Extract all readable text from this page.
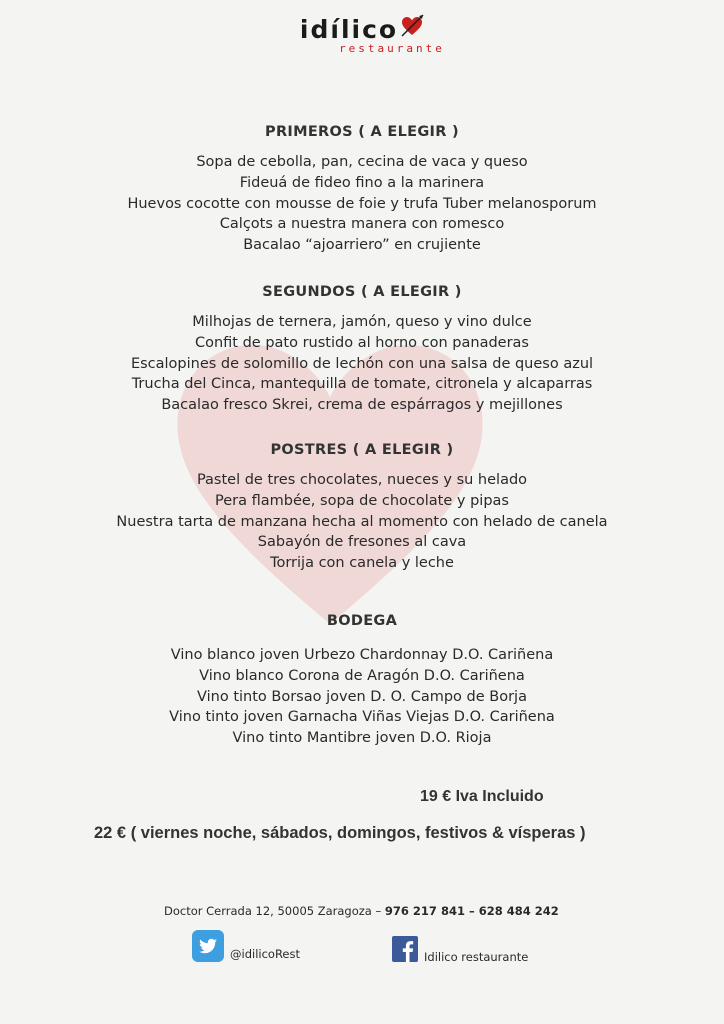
idílico
restaurante
PRIMEROS ( A ELEGIR )
Sopa de cebolla, pan, cecina de vaca y queso
Fideuá de fideo fino a la marinera
Huevos cocotte con mousse de foie y trufa Tuber melanosporum
Calçots a nuestra manera con romesco
Bacalao “ajoarriero” en crujiente
SEGUNDOS ( A ELEGIR )
Milhojas de ternera, jamón, queso y vino dulce
Confit de pato rustido al horno con panaderas
Escalopines de solomillo de lechón con una salsa de queso azul
Trucha del Cinca, mantequilla de tomate, citronela y alcaparras
Bacalao fresco Skrei, crema de espárragos y mejillones
POSTRES ( A ELEGIR )
Pastel de tres chocolates, nueces y su helado
Pera flambée, sopa de chocolate y pipas
Nuestra tarta de manzana hecha al momento con helado de canela
Sabayón de fresones al cava
Torrija con canela y leche
BODEGA
Vino blanco joven Urbezo Chardonnay D.O. Cariñena
Vino blanco Corona de Aragón D.O. Cariñena
Vino tinto Borsao joven D. O. Campo de Borja
Vino tinto joven Garnacha Viñas Viejas D.O. Cariñena
Vino tinto Mantibre joven D.O. Rioja
19 € Iva Incluido
22 € ( viernes noche, sábados, domingos, festivos & vísperas )
Doctor Cerrada 12, 50005 Zaragoza – 976 217 841 – 628 484 242
@idilicoRest	Idilico restaurante
